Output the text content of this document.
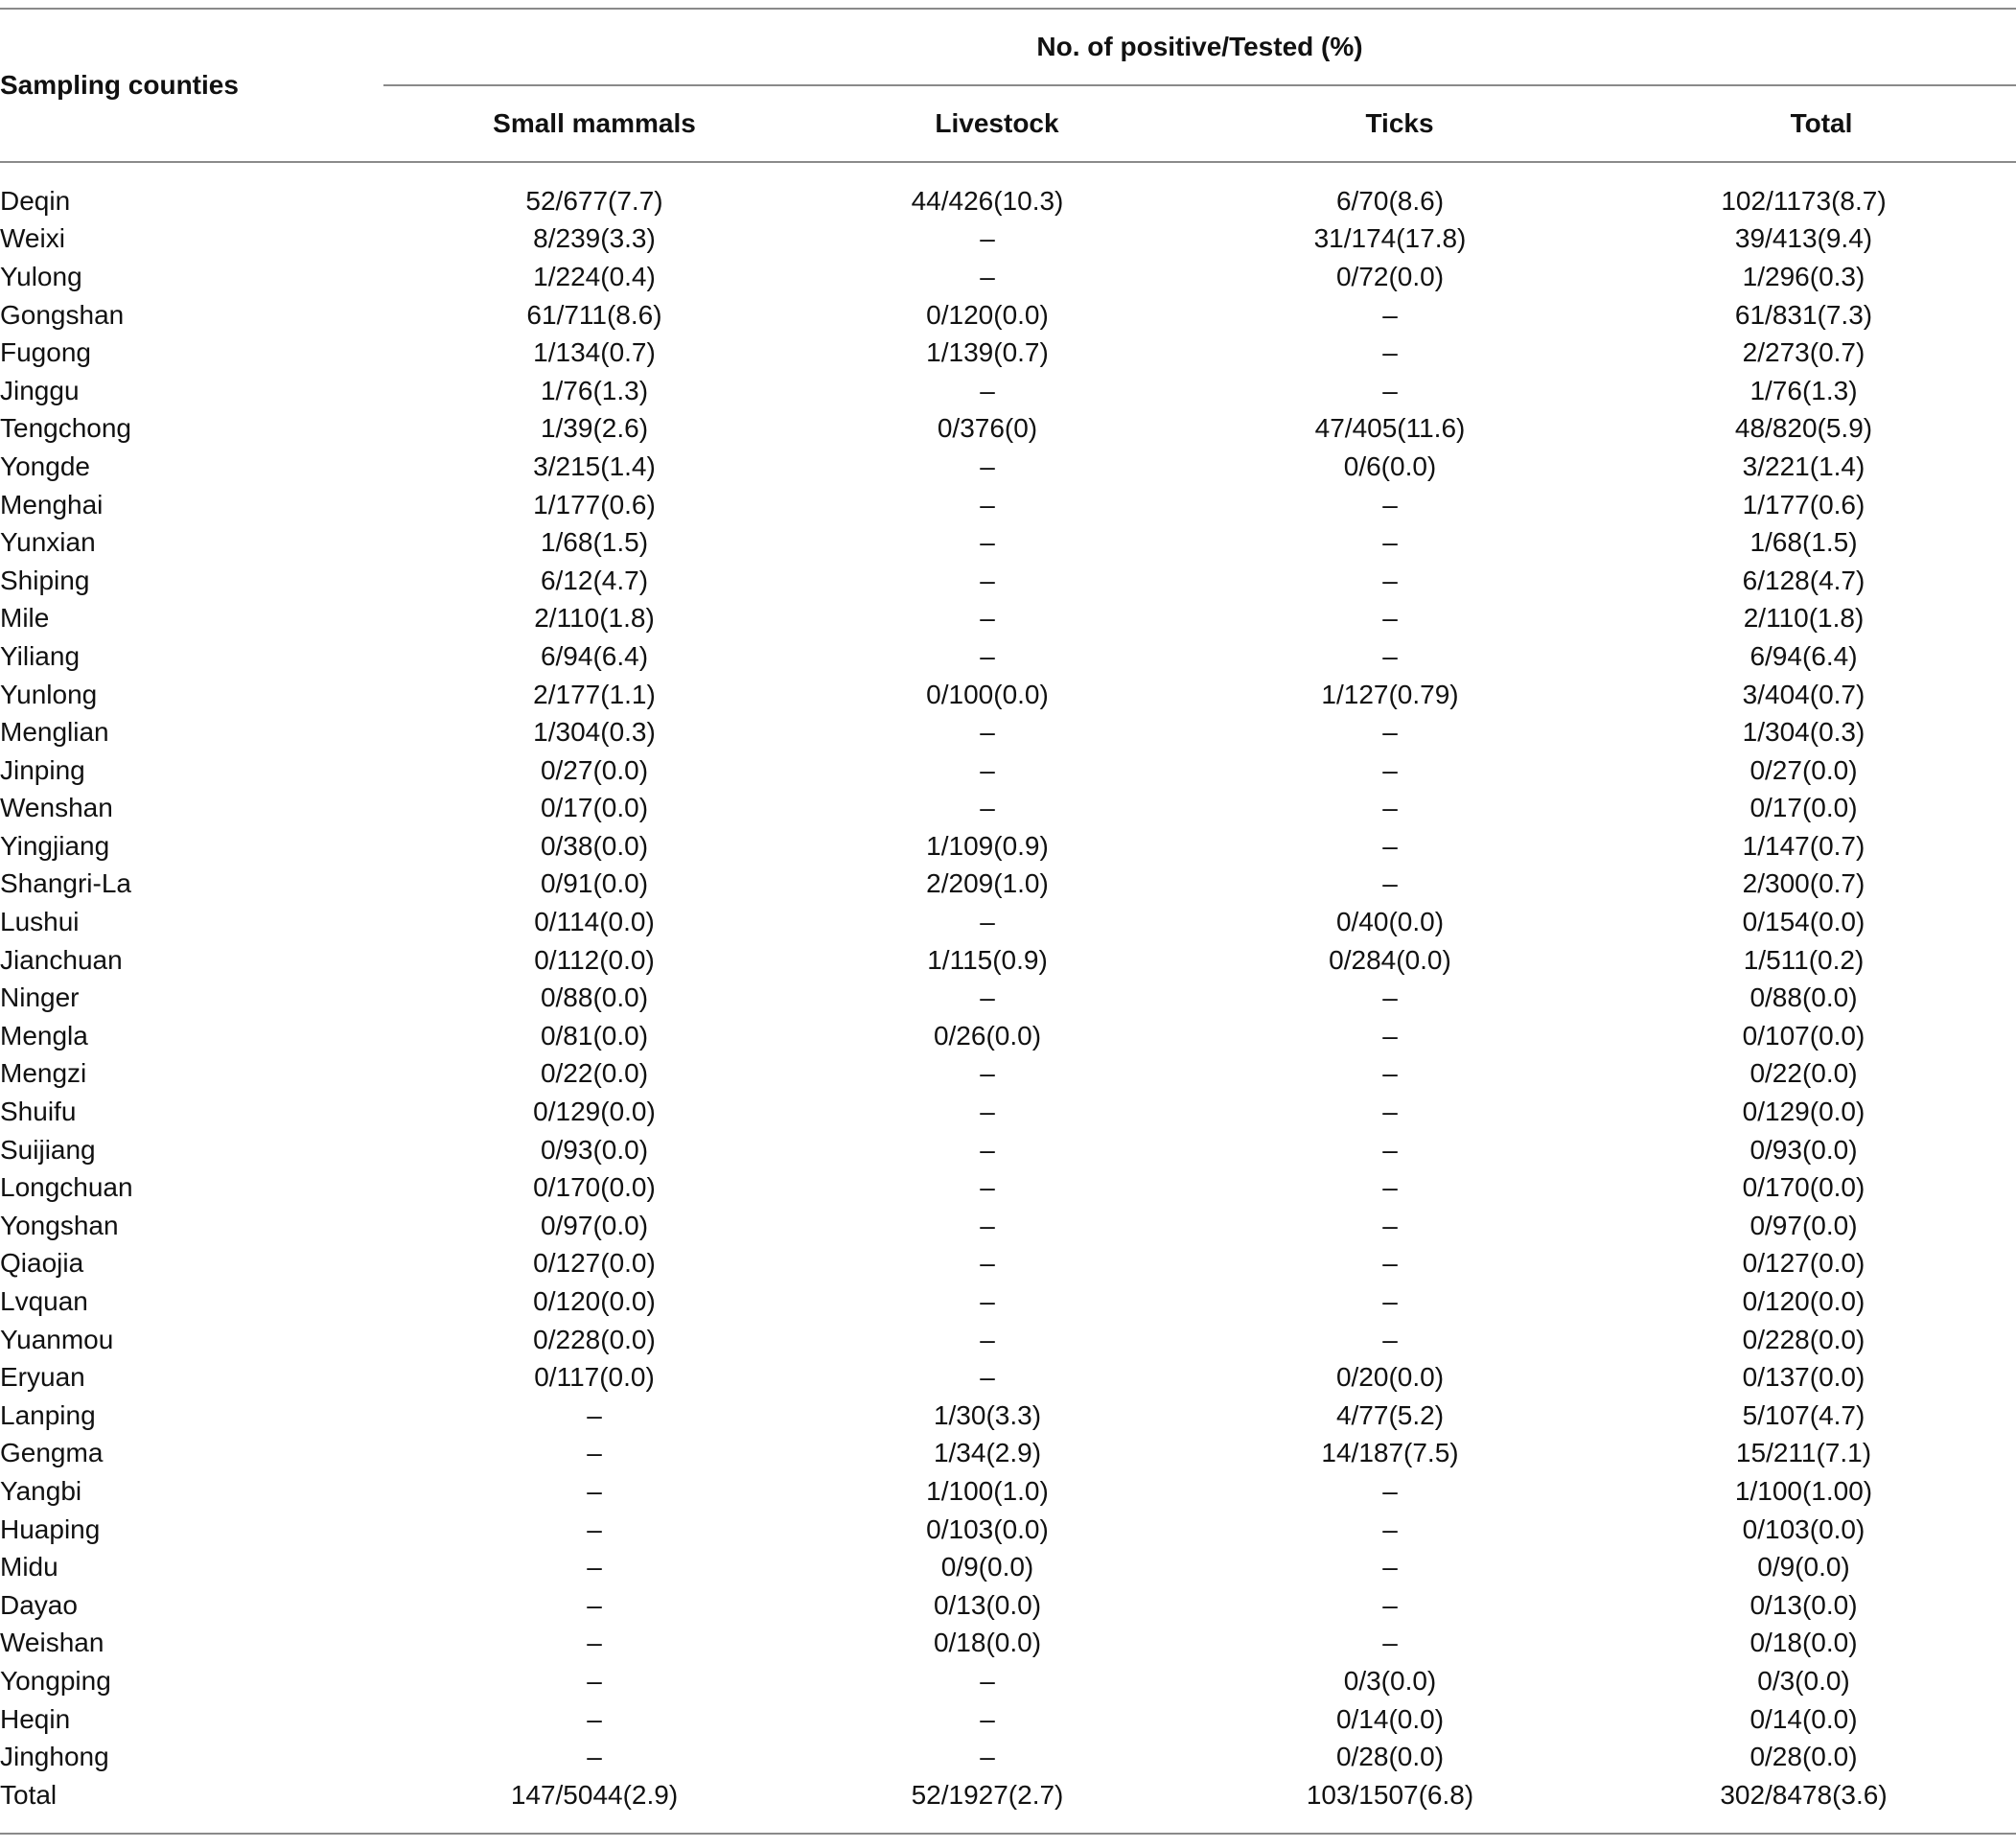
Sampling counties
No. of positive/Tested (%)
Small mammals	Livestock	Ticks	Total
Deqin	52/677(7.7)	44/426(10.3)	6/70(8.6)	102/1173(8.7)
Weixi	8/239(3.3)	–	31/174(17.8)	39/413(9.4)
Yulong	1/224(0.4)	–	0/72(0.0)	1/296(0.3)
Gongshan	61/711(8.6)	0/120(0.0)	–	61/831(7.3)
Fugong	1/134(0.7)	1/139(0.7)	–	2/273(0.7)
Jinggu	1/76(1.3)	–	–	1/76(1.3)
Tengchong	1/39(2.6)	0/376(0)	47/405(11.6)	48/820(5.9)
Yongde	3/215(1.4)	–	0/6(0.0)	3/221(1.4)
Menghai	1/177(0.6)	–	–	1/177(0.6)
Yunxian	1/68(1.5)	–	–	1/68(1.5)
Shiping	6/12(4.7)	–	–	6/128(4.7)
Mile	2/110(1.8)	–	–	2/110(1.8)
Yiliang	6/94(6.4)	–	–	6/94(6.4)
Yunlong	2/177(1.1)	0/100(0.0)	1/127(0.79)	3/404(0.7)
Menglian	1/304(0.3)	–	–	1/304(0.3)
Jinping	0/27(0.0)	–	–	0/27(0.0)
Wenshan	0/17(0.0)	–	–	0/17(0.0)
Yingjiang	0/38(0.0)	1/109(0.9)	–	1/147(0.7)
Shangri-La	0/91(0.0)	2/209(1.0)	–	2/300(0.7)
Lushui	0/114(0.0)	–	0/40(0.0)	0/154(0.0)
Jianchuan	0/112(0.0)	1/115(0.9)	0/284(0.0)	1/511(0.2)
Ninger	0/88(0.0)	–	–	0/88(0.0)
Mengla	0/81(0.0)	0/26(0.0)	–	0/107(0.0)
Mengzi	0/22(0.0)	–	–	0/22(0.0)
Shuifu	0/129(0.0)	–	–	0/129(0.0)
Suijiang	0/93(0.0)	–	–	0/93(0.0)
Longchuan	0/170(0.0)	–	–	0/170(0.0)
Yongshan	0/97(0.0)	–	–	0/97(0.0)
Qiaojia	0/127(0.0)	–	–	0/127(0.0)
Lvquan	0/120(0.0)	–	–	0/120(0.0)
Yuanmou	0/228(0.0)	–	–	0/228(0.0)
Eryuan	0/117(0.0)	–	0/20(0.0)	0/137(0.0)
Lanping	–	1/30(3.3)	4/77(5.2)	5/107(4.7)
Gengma	–	1/34(2.9)	14/187(7.5)	15/211(7.1)
Yangbi	–	1/100(1.0)	–	1/100(1.00)
Huaping	–	0/103(0.0)	–	0/103(0.0)
Midu	–	0/9(0.0)	–	0/9(0.0)
Dayao	–	0/13(0.0)	–	0/13(0.0)
Weishan	–	0/18(0.0)	–	0/18(0.0)
Yongping	–	–	0/3(0.0)	0/3(0.0)
Heqin	–	–	0/14(0.0)	0/14(0.0)
Jinghong	–	–	0/28(0.0)	0/28(0.0)
Total	147/5044(2.9)	52/1927(2.7)	103/1507(6.8)	302/8478(3.6)
